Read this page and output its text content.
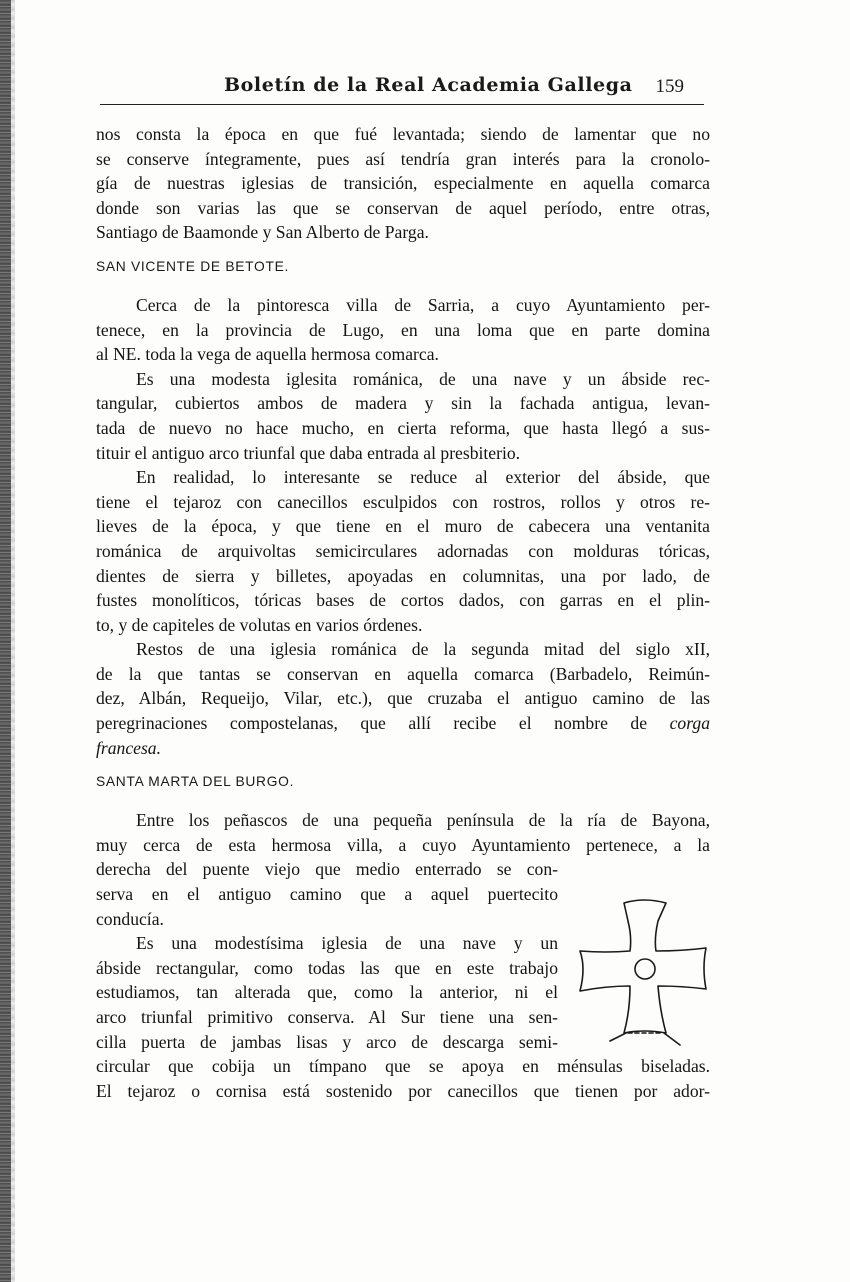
Boletín de la Real Academia Gallega 159
nos consta la época en que fué levantada; siendo de lamentar que no
se conserve íntegramente, pues así tendría gran interés para la cronolo-
gía de nuestras iglesias de transición, especialmente en aquella comarca
donde son varias las que se conservan de aquel período, entre otras,
Santiago de Baamonde y San Alberto de Parga.
SAN VICENTE DE BETOTE.
Cerca de la pintoresca villa de Sarria, a cuyo Ayuntamiento per-
tenece, en la provincia de Lugo, en una loma que en parte domina
al NE. toda la vega de aquella hermosa comarca.
Es una modesta iglesita románica, de una nave y un ábside rec-
tangular, cubiertos ambos de madera y sin la fachada antigua, levan-
tada de nuevo no hace mucho, en cierta reforma, que hasta llegó a sus-
tituir el antiguo arco triunfal que daba entrada al presbiterio.
En realidad, lo interesante se reduce al exterior del ábside, que
tiene el tejaroz con canecillos esculpidos con rostros, rollos y otros re-
lieves de la época, y que tiene en el muro de cabecera una ventanita
románica de arquivoltas semicirculares adornadas con molduras tóricas,
dientes de sierra y billetes, apoyadas en columnitas, una por lado, de
fustes monolíticos, tóricas bases de cortos dados, con garras en el plin-
to, y de capiteles de volutas en varios órdenes.
Restos de una iglesia románica de la segunda mitad del siglo xII,
de la que tantas se conservan en aquella comarca (Barbadelo, Reimún-
dez, Albán, Requeijo, Vilar, etc.), que cruzaba el antiguo camino de las
peregrinaciones compostelanas, que allí recibe el nombre de corga
francesa.
SANTA MARTA DEL BURGO.
Entre los peñascos de una pequeña península de la ría de Bayona,
muy cerca de esta hermosa villa, a cuyo Ayuntamiento pertenece, a la
derecha del puente viejo que medio enterrado se con-
serva en el antiguo camino que a aquel puertecito
conducía.
Es una modestísima iglesia de una nave y un
ábside rectangular, como todas las que en este trabajo
estudiamos, tan alterada que, como la anterior, ni el
arco triunfal primitivo conserva. Al Sur tiene una sen-
cilla puerta de jambas lisas y arco de descarga semi-
circular que cobija un tímpano que se apoya en ménsulas biseladas.
El tejaroz o cornisa está sostenido por canecillos que tienen por ador-
